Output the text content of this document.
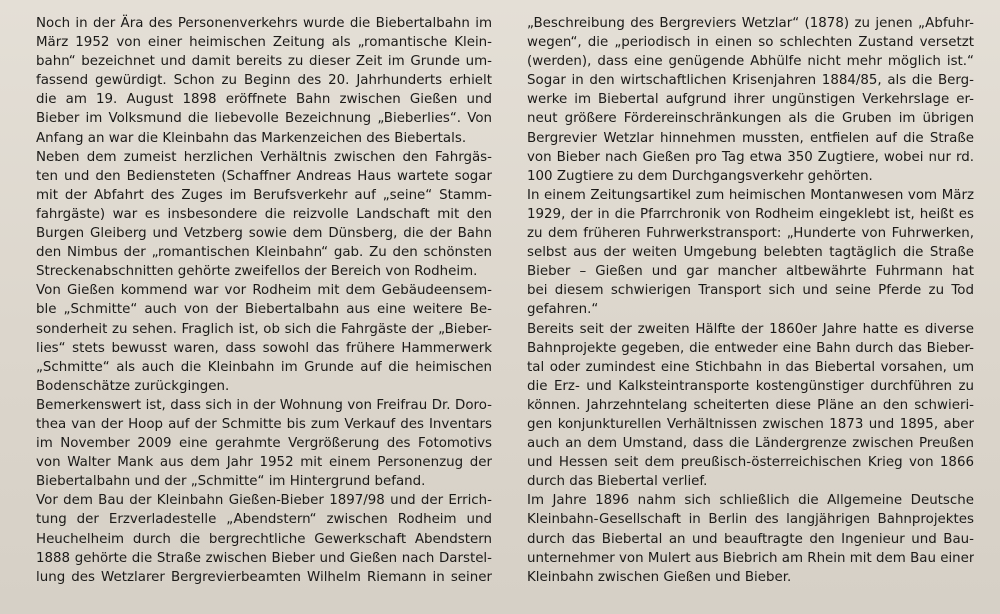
Noch in der Ära des Personenverkehrs wurde die Biebertalbahn im
März 1952 von einer heimischen Zeitung als „romantische Klein-
bahn“ bezeichnet und damit bereits zu dieser Zeit im Grunde um-
fassend gewürdigt. Schon zu Beginn des 20. Jahrhunderts erhielt
die am 19. August 1898 eröffnete Bahn zwischen Gießen und
Bieber im Volksmund die liebevolle Bezeichnung „Bieberlies“. Von
Anfang an war die Kleinbahn das Markenzeichen des Biebertals.
Neben dem zumeist herzlichen Verhältnis zwischen den Fahrgäs-
ten und den Bediensteten (Schaffner Andreas Haus wartete sogar
mit der Abfahrt des Zuges im Berufsverkehr auf „seine“ Stamm-
fahrgäste) war es insbesondere die reizvolle Landschaft mit den
Burgen Gleiberg und Vetzberg sowie dem Dünsberg, die der Bahn
den Nimbus der „romantischen Kleinbahn“ gab. Zu den schönsten
Streckenabschnitten gehörte zweifellos der Bereich von Rodheim.
Von Gießen kommend war vor Rodheim mit dem Gebäudeensem-
ble „Schmitte“ auch von der Biebertalbahn aus eine weitere Be-
sonderheit zu sehen. Fraglich ist, ob sich die Fahrgäste der „Bieber-
lies“ stets bewusst waren, dass sowohl das frühere Hammerwerk
„Schmitte“ als auch die Kleinbahn im Grunde auf die heimischen
Bodenschätze zurückgingen.
Bemerkenswert ist, dass sich in der Wohnung von Freifrau Dr. Doro-
thea van der Hoop auf der Schmitte bis zum Verkauf des Inventars
im November 2009 eine gerahmte Vergrößerung des Fotomotivs
von Walter Mank aus dem Jahr 1952 mit einem Personenzug der
Biebertalbahn und der „Schmitte“ im Hintergrund befand.
Vor dem Bau der Kleinbahn Gießen-Bieber 1897/98 und der Errich-
tung der Erzverladestelle „Abendstern“ zwischen Rodheim und
Heuchelheim durch die bergrechtliche Gewerkschaft Abendstern
1888 gehörte die Straße zwischen Bieber und Gießen nach Darstel-
lung des Wetzlarer Bergrevierbeamten Wilhelm Riemann in seiner
„Beschreibung des Bergreviers Wetzlar“ (1878) zu jenen „Abfuhr-
wegen“, die „periodisch in einen so schlechten Zustand versetzt
(werden), dass eine genügende Abhülfe nicht mehr möglich ist.“
Sogar in den wirtschaftlichen Krisenjahren 1884/85, als die Berg-
werke im Biebertal aufgrund ihrer ungünstigen Verkehrslage er-
neut größere Fördereinschränkungen als die Gruben im übrigen
Bergrevier Wetzlar hinnehmen mussten, entfielen auf die Straße
von Bieber nach Gießen pro Tag etwa 350 Zugtiere, wobei nur rd.
100 Zugtiere zu dem Durchgangsverkehr gehörten.
In einem Zeitungsartikel zum heimischen Montanwesen vom März
1929, der in die Pfarrchronik von Rodheim eingeklebt ist, heißt es
zu dem früheren Fuhrwerkstransport: „Hunderte von Fuhrwerken,
selbst aus der weiten Umgebung belebten tagtäglich die Straße
Bieber – Gießen und gar mancher altbewährte Fuhrmann hat
bei diesem schwierigen Transport sich und seine Pferde zu Tod
gefahren.“
Bereits seit der zweiten Hälfte der 1860er Jahre hatte es diverse
Bahnprojekte gegeben, die entweder eine Bahn durch das Bieber-
tal oder zumindest eine Stichbahn in das Biebertal vorsahen, um
die Erz- und Kalksteintransporte kostengünstiger durchführen zu
können. Jahrzehntelang scheiterten diese Pläne an den schwieri-
gen konjunkturellen Verhältnissen zwischen 1873 und 1895, aber
auch an dem Umstand, dass die Ländergrenze zwischen Preußen
und Hessen seit dem preußisch-österreichischen Krieg von 1866
durch das Biebertal verlief.
Im Jahre 1896 nahm sich schließlich die Allgemeine Deutsche
Kleinbahn-Gesellschaft in Berlin des langjährigen Bahnprojektes
durch das Biebertal an und beauftragte den Ingenieur und Bau-
unternehmer von Mulert aus Biebrich am Rhein mit dem Bau einer
Kleinbahn zwischen Gießen und Bieber.
